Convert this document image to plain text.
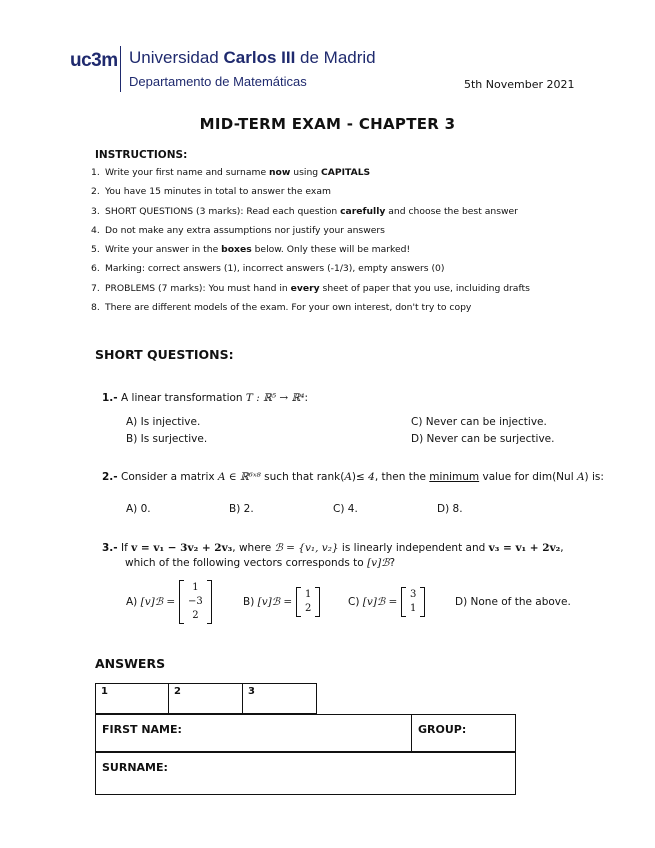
uc3m Universidad Carlos III de Madrid
Departamento de Matemáticas	5th November 2021
MID-TERM EXAM - CHAPTER 3
INSTRUCTIONS:
1. Write your first name and surname now using CAPITALS
2. You have 15 minutes in total to answer the exam
3. SHORT QUESTIONS (3 marks): Read each question carefully and choose the best answer
4. Do not make any extra assumptions nor justify your answers
5. Write your answer in the boxes below. Only these will be marked!
6. Marking: correct answers (1), incorrect answers (-1/3), empty answers (0)
7. PROBLEMS (7 marks): You must hand in every sheet of paper that you use, incluiding drafts
8. There are different models of the exam. For your own interest, don't try to copy
SHORT QUESTIONS:
1.- A linear transformation T : ℝ⁵ → ℝ⁴:
A) Is injective.
B) Is surjective.
C) Never can be injective.
D) Never can be surjective.
2.- Consider a matrix A ∈ ℝ⁶ˣ⁸ such that rank(A)≤ 4, then the minimum value for dim(Nul A) is:
A) 0.	B) 2.	C) 4.	D) 8.
3.- If v = v₁ − 3v₂ + 2v₃, where ℬ = {v₁, v₂} is linearly independent and v₃ = v₁ + 2v₂,
which of the following vectors corresponds to [v]ℬ?
A) [v]ℬ =
1
−3
2
B) [v]ℬ =
1
2
C) [v]ℬ =
3
1
D) None of the above.
ANSWERS
1	2	3
FIRST NAME:	GROUP:
SURNAME:
